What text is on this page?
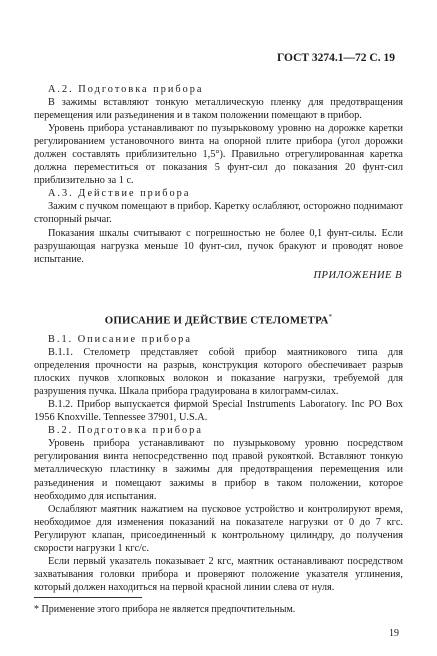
ГОСТ 3274.1—72 С. 19

А.2. Подготовка прибора

В зажимы вставляют тонкую металлическую пленку для предотвращения перемещения или разъединения и в таком положении помещают в прибор.

Уровень прибора устанавливают по пузырьковому уровню на дорожке каретки регулированием установочного винта на опорной плите прибора (угол дорожки должен составлять приблизительно 1,5°). Правильно отрегулированная каретка должна переместиться от показания 5 фунт-сил до показания 20 фунт-сил приблизительно за 1 с.

А.3. Действие прибора

Зажим с пучком помещают в прибор. Каретку ослабляют, осторожно поднимают стопорный рычаг.

Показания шкалы считывают с погрешностью не более 0,1 фунт-силы. Если разрушающая нагрузка меньше 10 фунт-сил, пучок бракуют и проводят новое испытание.

ПРИЛОЖЕНИЕ В
ОПИСАНИЕ И ДЕЙСТВИЕ СТЕЛОМЕТРА*

В.1. Описание прибора

В.1.1. Стелометр представляет собой прибор маятникового типа для определения прочности на разрыв, конструкция которого обеспечивает разрыв плоских пучков хлопковых волокон и показание нагрузки, требуемой для разрушения пучка. Шкала прибора градуирована в килограмм-силах.

В.1.2. Прибор выпускается фирмой Special Instruments Laboratory. Inc PO Box 1956 Knoxville. Tennessee 37901, U.S.A.

В.2. Подготовка прибора

Уровень прибора устанавливают по пузырьковому уровню посредством регулирования винта непосредственно под правой рукояткой. Вставляют тонкую металлическую пластинку в зажимы для предотвращения перемещения или разъединения и помещают зажимы в прибор в таком положении, которое необходимо для испытания.

Ослабляют маятник нажатием на пусковое устройство и контролируют время, необходимое для изменения показаний на показателе нагрузки от 0 до 7 кгс. Регулируют клапан, присоединенный к контрольному цилиндру, до получения скорости нагрузки 1 кгс/с.

Если первый указатель показывает 2 кгс, маятник останавливают посредством захватывания головки прибора и проверяют положение указателя углинения, который должен находиться на первой красной линии слева от нуля.

* Применение этого прибора не является предпочтительным.
19
